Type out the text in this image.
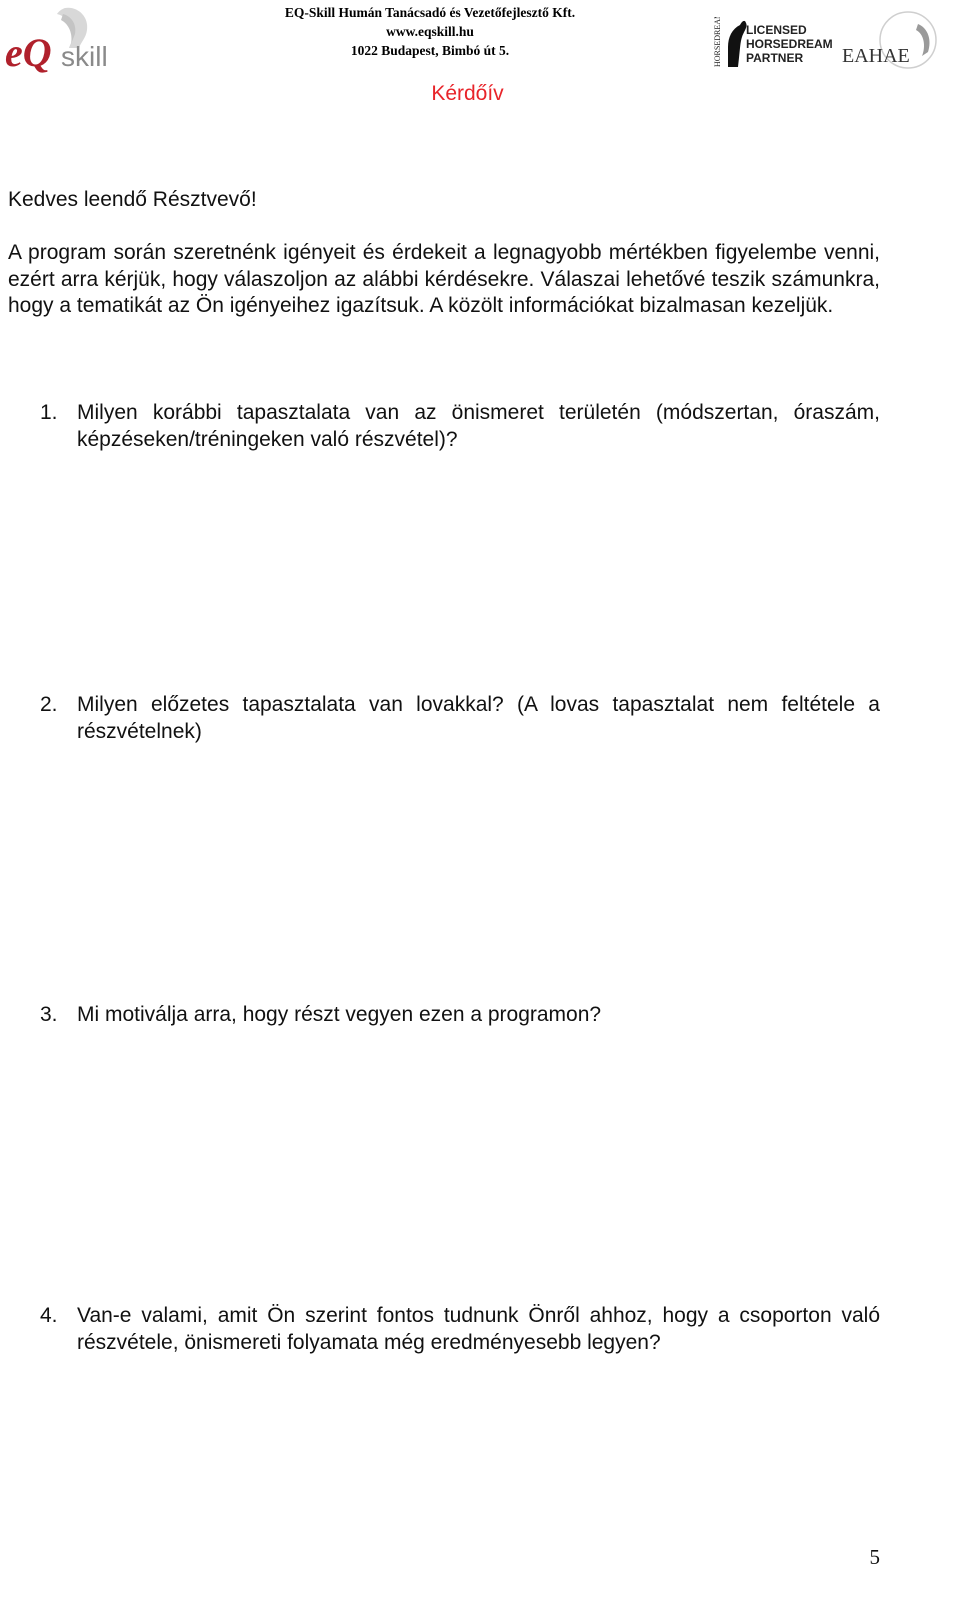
eQ skill
EQ-Skill Humán Tanácsadó és Vezetőfejlesztő Kft.
www.eqskill.hu
1022 Budapest, Bimbó út 5.	HORSEDREAM LICENSED
HORSEDREAM
PARTNER EAHAE
Kérdőív
Kedves leendő Résztvevő!

A program során szeretnénk igényeit és érdekeit a legnagyobb mértékben figyelembe venni, ezért arra kérjük, hogy válaszoljon az alábbi kérdésekre. Válaszai lehetővé teszik számunkra, hogy a tematikát az Ön igényeihez igazítsuk. A közölt információkat bizalmasan kezeljük.

1. Milyen korábbi tapasztalata van az önismeret területén (módszertan, óraszám, képzéseken/tréningeken való részvétel)?
2. Milyen előzetes tapasztalata van lovakkal? (A lovas tapasztalat nem feltétele a részvételnek)
3. Mi motiválja arra, hogy részt vegyen ezen a programon?
4. Van-e valami, amit Ön szerint fontos tudnunk Önről ahhoz, hogy a csoporton való részvétele, önismereti folyamata még eredményesebb legyen?
5
